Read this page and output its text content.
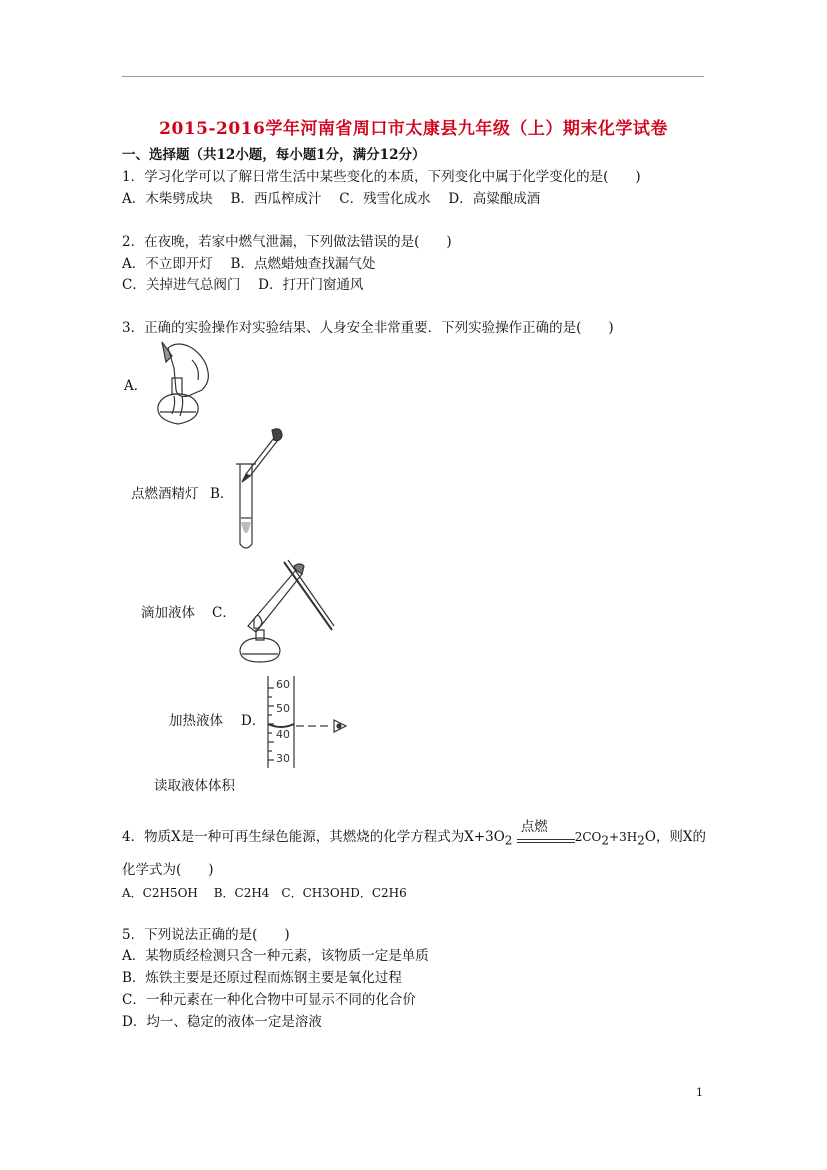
2015-2016学年河南省周口市太康县九年级（上）期末化学试卷
一、选择题（共12小题，每小题1分，满分12分）
1．学习化学可以了解日常生活中某些变化的本质，下列变化中属于化学变化的是(　　)
A．木柴劈成块　 B．西瓜榨成汁　 C．残雪化成水　 D．高粱酿成酒
2．在夜晚，若家中燃气泄漏，下列做法错误的是(　　)
A．不立即开灯　 B．点燃蜡烛查找漏气处
C．关掉进气总阀门　 D．打开门窗通风
3．正确的实验操作对实验结果、人身安全非常重要．下列实验操作正确的是(　　)
A．
点燃酒精灯 B．
滴加液体 C．
加热液体 D．
60
50
40
30
读取液体体积
4．物质X是一种可再生绿色能源，其燃烧的化学方程式为$X+3O_2$
点燃
$2CO_2+3H_2O$，则X的
化学式为(　　)
A．C2H5OH　 B．C2H4　C．CH3OHD．C2H6
5．下列说法正确的是(　　)
A．某物质经检测只含一种元素，该物质一定是单质
B．炼铁主要是还原过程而炼钢主要是氧化过程
C．一种元素在一种化合物中可显示不同的化合价
D．均一、稳定的液体一定是溶液
1
